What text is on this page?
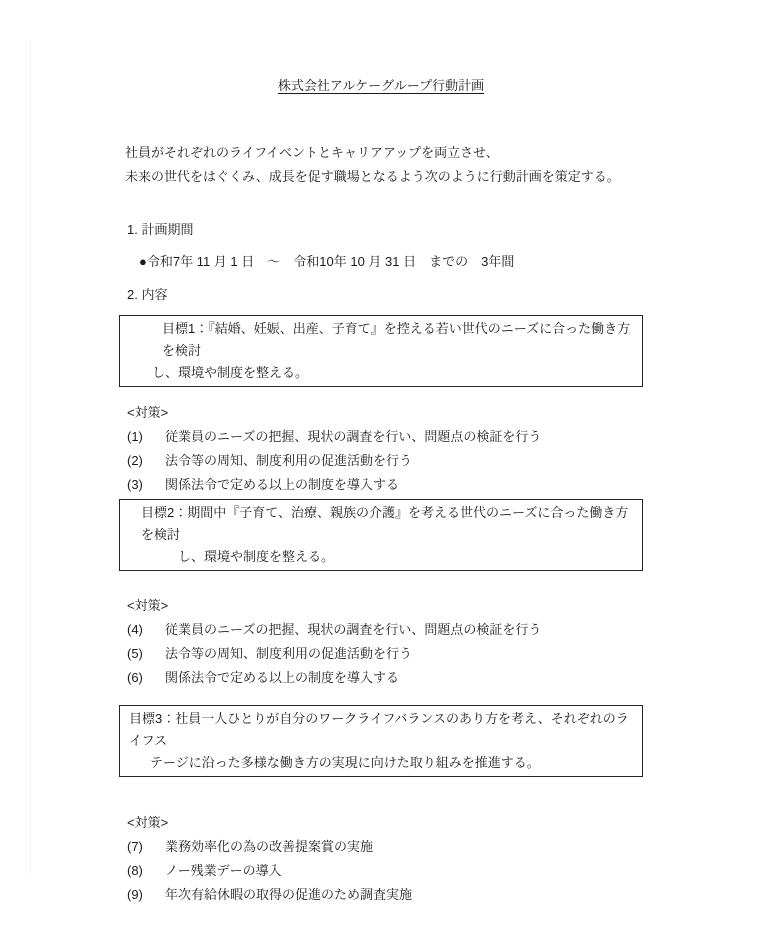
株式会社アルケーグループ行動計画
社員がそれぞれのライフイベントとキャリアアップを両立させ、
未来の世代をはぐくみ、成長を促す職場となるよう次のように行動計画を策定する。
1. 計画期間
●令和7年 11 月 1 日　～　令和10年 10 月 31 日　までの　3年間
2. 内容
目標1：『結婚、妊娠、出産、子育て』を控える若い世代のニーズに合った働き方を検討
し、環境や制度を整える。
<対策>
(1)	従業員のニーズの把握、現状の調査を行い、問題点の検証を行う
(2)	法令等の周知、制度利用の促進活動を行う
(3)	関係法令で定める以上の制度を導入する
目標2：期間中『子育て、治療、親族の介護』を考える世代のニーズに合った働き方を検討
し、環境や制度を整える。
<対策>
(4)	従業員のニーズの把握、現状の調査を行い、問題点の検証を行う
(5)	法令等の周知、制度利用の促進活動を行う
(6)	関係法令で定める以上の制度を導入する
目標3：社員一人ひとりが自分のワークライフバランスのあり方を考え、それぞれのライフス
テージに沿った多様な働き方の実現に向けた取り組みを推進する。
<対策>
(7)	業務効率化の為の改善提案賞の実施
(8)	ノー残業デーの導入
(9)	年次有給休暇の取得の促進のため調査実施
